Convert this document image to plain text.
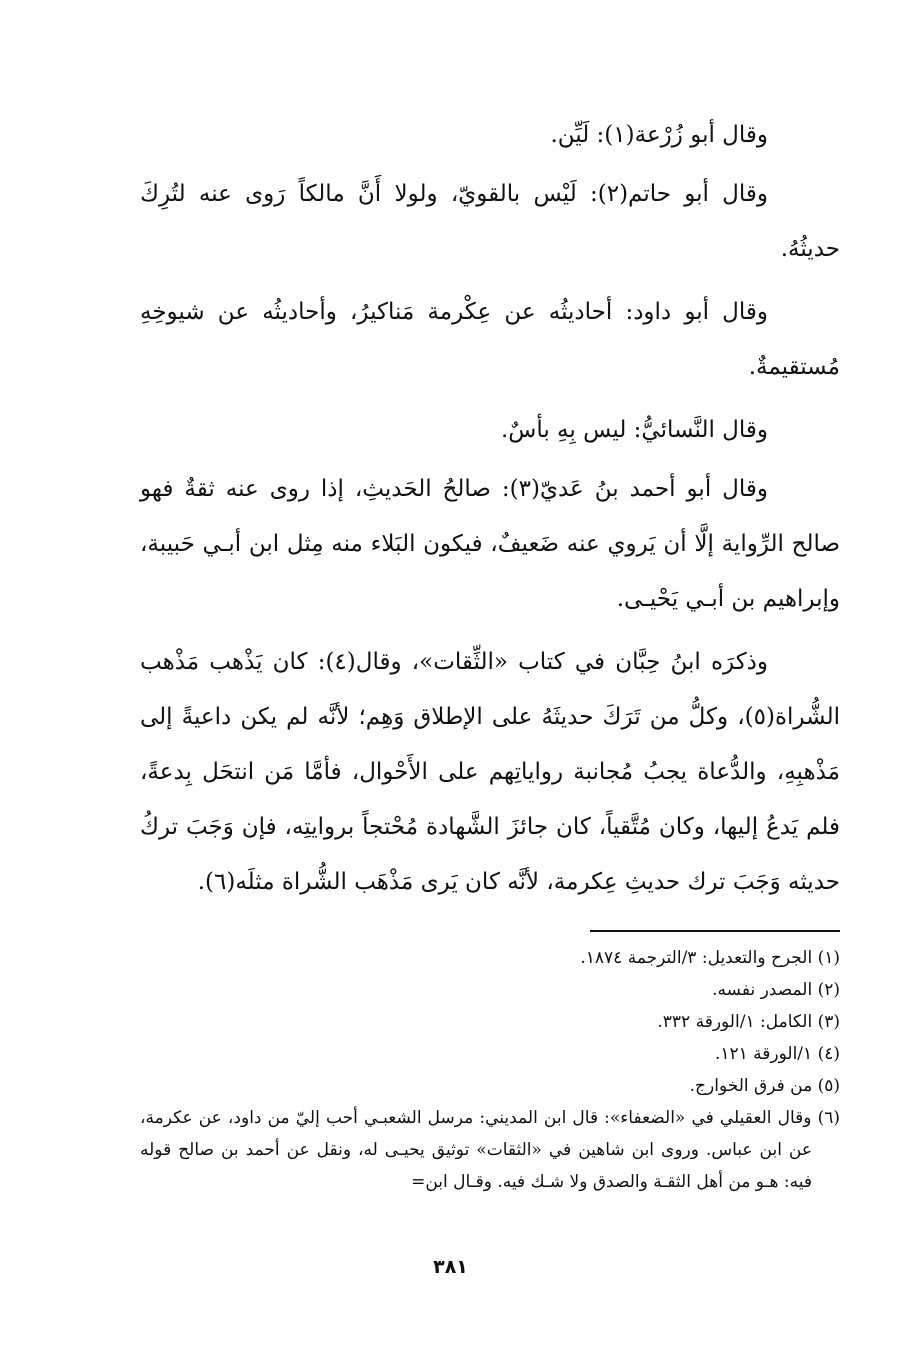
وقال أبو زُرْعة(١): لَيِّن.

وقال أبو حاتم(٢): لَيْس بالقويّ، ولولا أَنَّ مالكاً رَوى عنه لتُرِكَ حديثُهُ.

وقال أبو داود: أحاديثُه عن عِكْرمة مَناكيرُ، وأحاديثُه عن شيوخِهِ مُستقيمةٌ.

وقال النَّسائيُّ: ليس بِهِ بأسٌ.

وقال أبو أحمد بنُ عَديّ(٣): صالحُ الحَديثِ، إذا روى عنه ثقةٌ فهو صالح الرِّواية إلَّا أن يَروي عنه ضَعيفٌ، فيكون البَلاء منه مِثل ابن أبـي حَبيبة، وإبراهيم بن أبـي يَحْيـى.

وذكرَه ابنُ حِبَّان في كتاب «الثِّقات»، وقال(٤): كان يَذْهب مَذْهب الشُّراة(٥)، وكلُّ من تَرَكَ حديثَهُ على الإطلاق وَهِم؛ لأنَّه لم يكن داعيةً إلى مَذْهبِهِ، والدُّعاة يجبُ مُجانبة رواياتِهم على الأَحْوال، فأمَّا مَن انتحَل بِدعةً، فلم يَدعُ إليها، وكان مُتَّقياً، كان جائزَ الشَّهادة مُحْتجاً بروايتِه، فإن وَجَبَ تركُ حديثه وَجَبَ ترك حديثِ عِكرمة، لأنَّه كان يَرى مَذْهَب الشُّراة مثلَه(٦).

(١) الجرح والتعديل: ٣/الترجمة ١٨٧٤.

(٢) المصدر نفسه.

(٣) الكامل: ١/الورقة ٣٣٢.

(٤) ١/الورقة ١٢١.

(٥) من فرق الخوارج.

(٦) وقال العقيلي في «الضعفاء»: قال ابن المديني: مرسل الشعبـي أحب إليّ من داود، عن عكرمة، عن ابن عباس. وروى ابن شاهين في «الثقات» توثيق يحيـى له، ونقل عن أحمد بن صالح قوله فيه: هـو من أهل الثقـة والصدق ولا شـك فيه. وقـال ابن=

٣٨١
